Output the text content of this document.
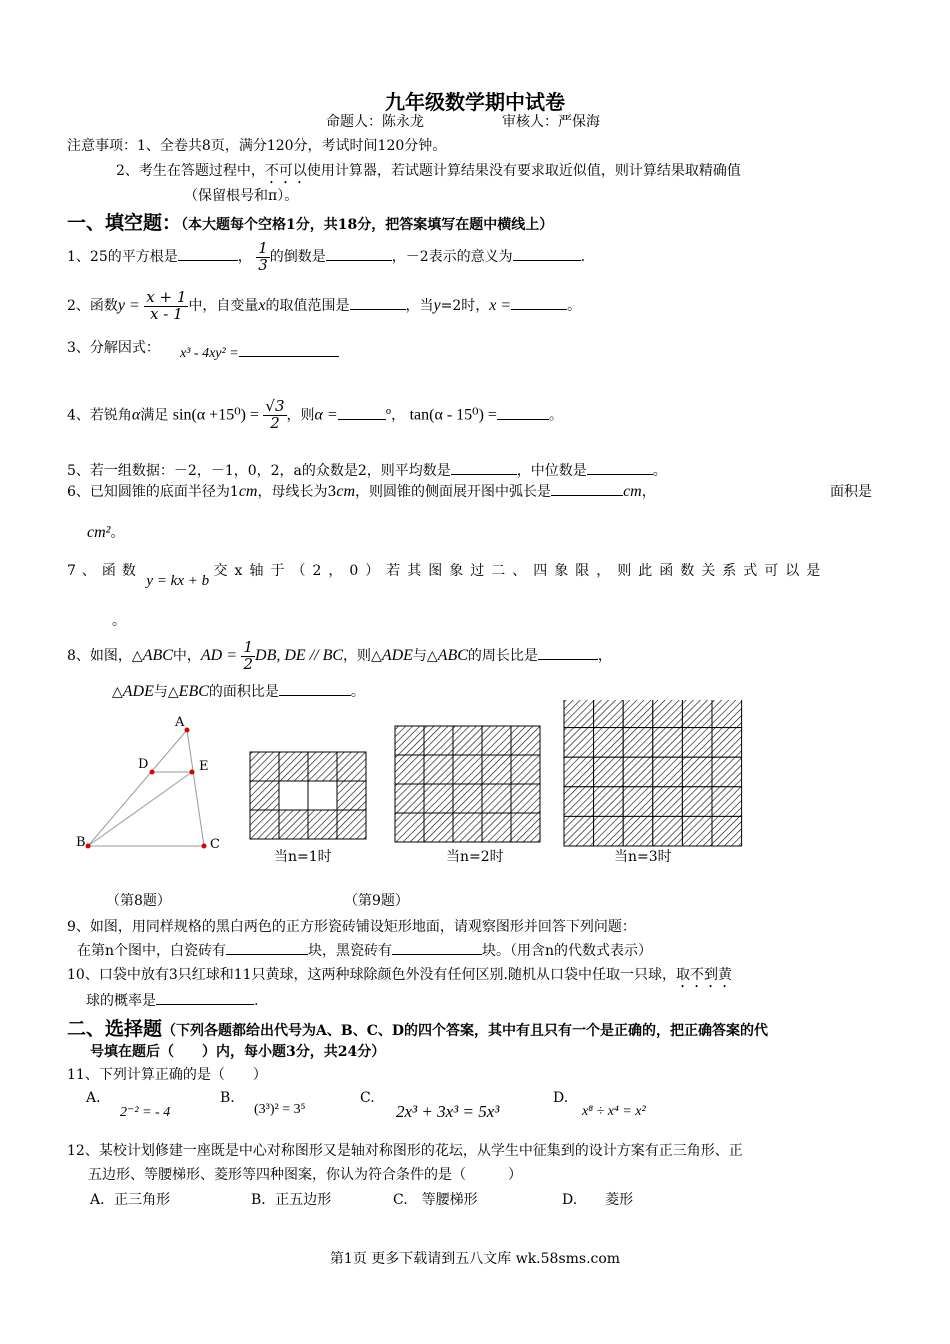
九年级数学期中试卷
命题人：陈永龙	审核人：严保海
注意事项：1、全卷共8页，满分120分，考试时间120分钟。
2、考生在答题过程中，不可以使用计算器，若试题计算结果没有要求取近似值，则计算结果取精确值
（保留根号和π）。
一、填空题：（本大题每个空格1分，共18分，把答案填写在题中横线上）
1、25的平方根是	， $\frac{1}{3}$ 的倒数是	，－2表示的意义为	.
2、函数$y = \frac{x + 1}{x - 1}$ 中，自变量x的取值范围是	，当y=2时，x =	。
3、分解因式： x³ - 4xy² =
4、若锐角α满足 $\sin(\alpha +15^0) = \frac{√3}{2}$ ，则α =	$^o$， tan(α - 15⁰) =	。
5、若一组数据：－2，－1，0，2，a的众数是2，则平均数是	，中位数是	。
6、已知圆锥的底面半径为1cm，母线长为3cm，则圆锥的侧面展开图中弧长是	cm，	面积是
cm²。
7、函数 y = kx + b 交x轴于（2，0）若其图象过二、四象限，则此函数关系式可以是
。
8、如图，△ABC中，AD = $\frac{1}{2}$ DB, DE // BC，则△ADE与△ABC的周长比是	，
△ADE与△EBC的面积比是	。
A
D	E
B	C
当n=1时	当n=2时	当n=3时
（第8题）	（第9题）
9、如图，用同样规格的黑白两色的正方形瓷砖铺设矩形地面，请观察图形并回答下列问题：
在第n个图中，白瓷砖有	块，黑瓷砖有	块。（用含n的代数式表示）
10、口袋中放有3只红球和11只黄球，这两种球除颜色外没有任何区别.随机从口袋中任取一只球，取不到黄
球的概率是	.
二、选择题（下列各题都给出代号为A、B、C、D的四个答案，其中有且只有一个是正确的，把正确答案的代
号填在题后（　　）内，每小题3分，共24分）
11、下列计算正确的是（　　）
A.
2⁻² = - 4
B.
(3³)² = 3⁵
C.
2x³ + 3x³ = 5x³
D.
x⁸ ÷ x⁴ = x²
12、某校计划修建一座既是中心对称图形又是轴对称图形的花坛，从学生中征集到的设计方案有正三角形、正
五边形、等腰梯形、菱形等四种图案，你认为符合条件的是（　　　）
A．正三角形	B．正五边形	C.　等腰梯形	D.　　菱形
第1页 更多下载请到五八文库 wk.58sms.com
